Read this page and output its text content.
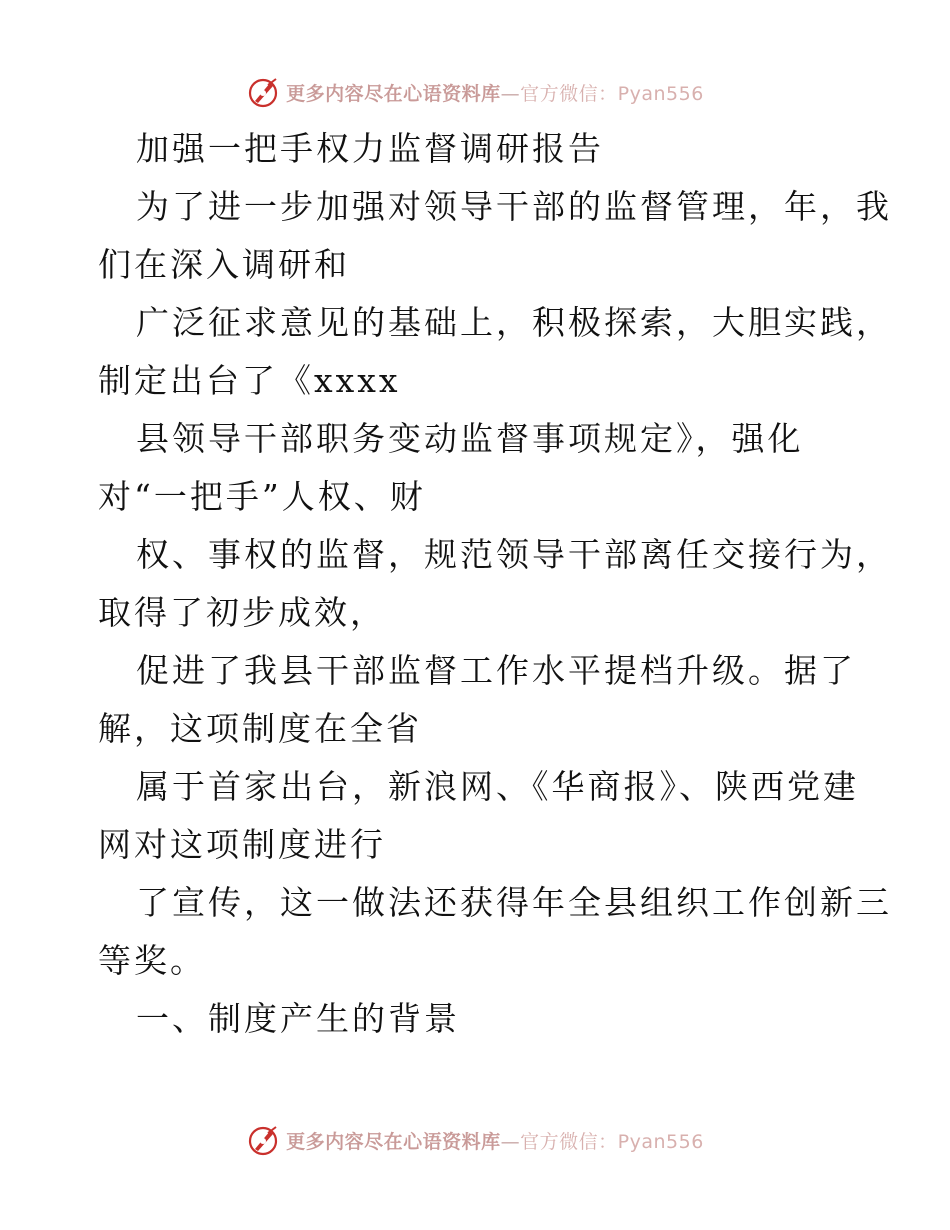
更多内容尽在心语资料库—官方微信：Pyan556

加强一把手权力监督调研报告

为了进一步加强对领导干部的监督管理，年，我

们在深入调研和

广泛征求意见的基础上，积极探索，大胆实践，

制定出台了《xxxx

县领导干部职务变动监督事项规定》，强化

对“一把手”人权、财

权、事权的监督，规范领导干部离任交接行为，

取得了初步成效，

促进了我县干部监督工作水平提档升级。据了

解，这项制度在全省

属于首家出台，新浪网、《华商报》、陕西党建

网对这项制度进行

了宣传，这一做法还获得年全县组织工作创新三

等奖。

一、制度产生的背景

更多内容尽在心语资料库—官方微信：Pyan556
